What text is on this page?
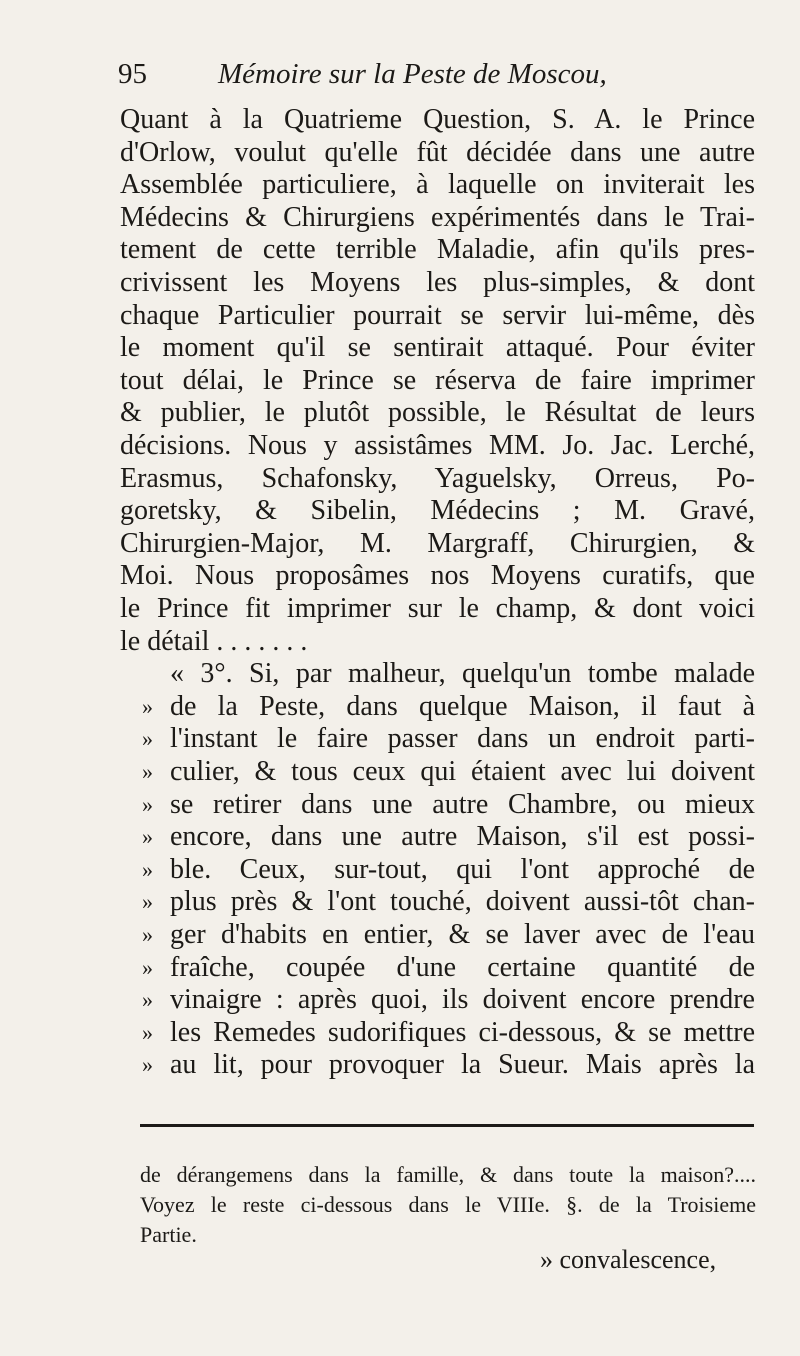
95 Mémoire sur la Peste de Moscou,
Quant à la Quatrieme Question, S. A. le Prince
d'Orlow, voulut qu'elle fût décidée dans une autre
Assemblée particuliere, à laquelle on inviterait les
Médecins & Chirurgiens expérimentés dans le Trai-
tement de cette terrible Maladie, afin qu'ils pres-
crivissent les Moyens les plus-simples, & dont
chaque Particulier pourrait se servir lui-même, dès
le moment qu'il se sentirait attaqué. Pour éviter
tout délai, le Prince se réserva de faire imprimer
& publier, le plutôt possible, le Résultat de leurs
décisions. Nous y assistâmes MM. Jo. Jac. Lerché,
Erasmus, Schafonsky, Yaguelsky, Orreus, Po-
goretsky, & Sibelin, Médecins ; M. Gravé,
Chirurgien-Major, M. Margraff, Chirurgien, &
Moi. Nous proposâmes nos Moyens curatifs, que
le Prince fit imprimer sur le champ, & dont voici
le détail . . . . . . .
« 3°. Si, par malheur, quelqu'un tombe malade
de la Peste, dans quelque Maison, il faut à
»
l'instant le faire passer dans un endroit parti-
»
culier, & tous ceux qui étaient avec lui doivent
»
se retirer dans une autre Chambre, ou mieux
»
encore, dans une autre Maison, s'il est possi-
»
ble. Ceux, sur-tout, qui l'ont approché de
»
plus près & l'ont touché, doivent aussi-tôt chan-
»
ger d'habits en entier, & se laver avec de l'eau
»
fraîche, coupée d'une certaine quantité de
»
vinaigre : après quoi, ils doivent encore prendre
»
les Remedes sudorifiques ci-dessous, & se mettre
»
au lit, pour provoquer la Sueur. Mais après la
»
de dérangemens dans la famille, & dans toute la maison?....
Voyez le reste ci-dessous dans le VIIIe. §. de la Troisieme
Partie.
» convalescence,
